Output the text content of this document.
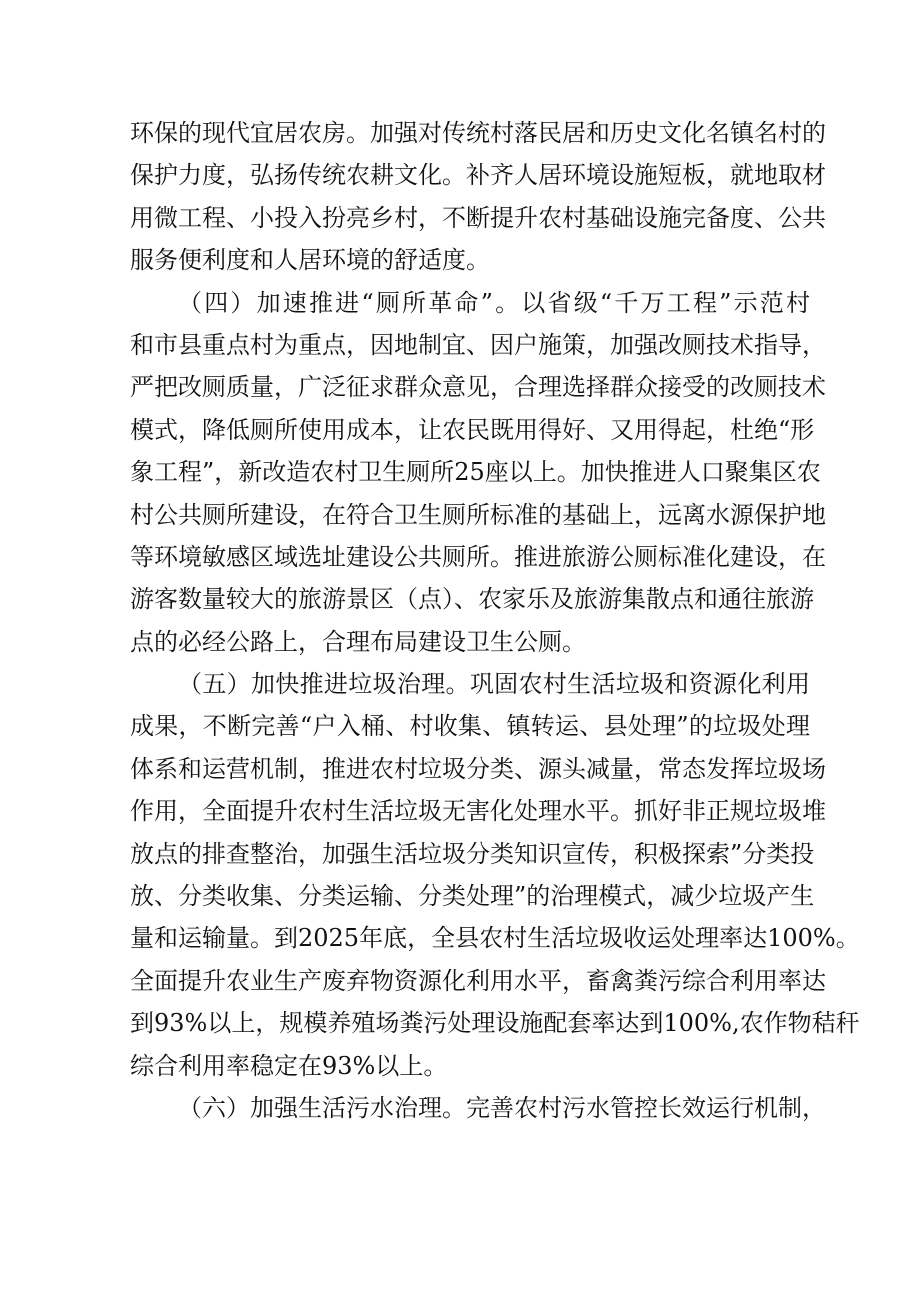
环保的现代宜居农房。加强对传统村落民居和历史文化名镇名村的
保护力度，弘扬传统农耕文化。补齐人居环境设施短板，就地取材
用微工程、小投入扮亮乡村，不断提升农村基础设施完备度、公共
服务便利度和人居环境的舒适度。
（四）加速推进“厕所革命”。以省级“千万工程”示范村
和市县重点村为重点，因地制宜、因户施策，加强改厕技术指导，
严把改厕质量，广泛征求群众意见，合理选择群众接受的改厕技术
模式，降低厕所使用成本，让农民既用得好、又用得起，杜绝“形
象工程”，新改造农村卫生厕所25座以上。加快推进人口聚集区农
村公共厕所建设，在符合卫生厕所标准的基础上，远离水源保护地
等环境敏感区域选址建设公共厕所。推进旅游公厕标准化建设，在
游客数量较大的旅游景区（点）、农家乐及旅游集散点和通往旅游
点的必经公路上，合理布局建设卫生公厕。
（五）加快推进垃圾治理。巩固农村生活垃圾和资源化利用
成果，不断完善“户入桶、村收集、镇转运、县处理”的垃圾处理
体系和运营机制，推进农村垃圾分类、源头减量，常态发挥垃圾场
作用，全面提升农村生活垃圾无害化处理水平。抓好非正规垃圾堆
放点的排查整治，加强生活垃圾分类知识宣传，积极探索”分类投
放、分类收集、分类运输、分类处理”的治理模式，减少垃圾产生
量和运输量。到2025年底，全县农村生活垃圾收运处理率达100%。
全面提升农业生产废弃物资源化利用水平，畜禽粪污综合利用率达
到93%以上，规模养殖场粪污处理设施配套率达到100%,农作物秸秆
综合利用率稳定在93%以上。
（六）加强生活污水治理。完善农村污水管控长效运行机制，
